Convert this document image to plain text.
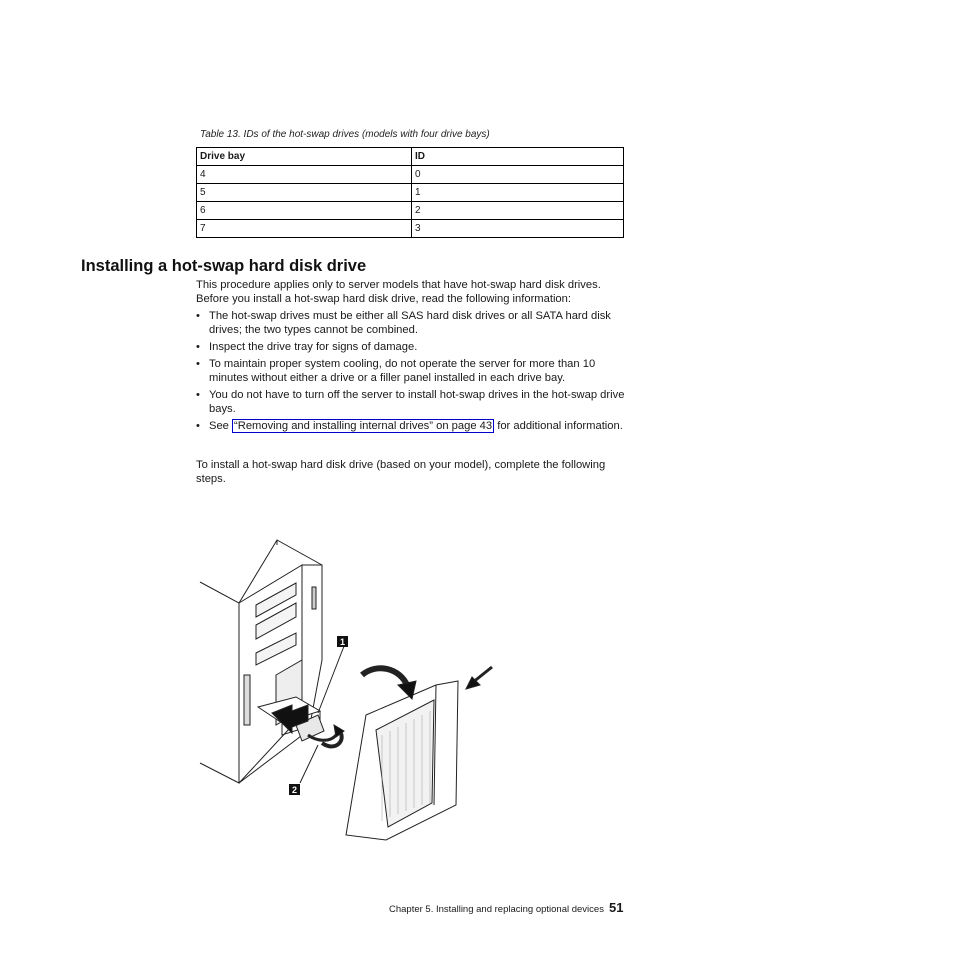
Table 13. IDs of the hot-swap drives (models with four drive bays)
Drive bay	ID
4	0
5	1
6	2
7	3
Installing a hot-swap hard disk drive

This procedure applies only to server models that have hot-swap hard disk drives. Before you install a hot-swap hard disk drive, read the following information:

• The hot-swap drives must be either all SAS hard disk drives or all SATA hard disk drives; the two types cannot be combined.
• Inspect the drive tray for signs of damage.
• To maintain proper system cooling, do not operate the server for more than 10 minutes without either a drive or a filler panel installed in each drive bay.
• You do not have to turn off the server to install hot-swap drives in the hot-swap drive bays.
• See “Removing and installing internal drives” on page 43 for additional information.

To install a hot-swap hard disk drive (based on your model), complete the following steps.

1
2
Chapter 5. Installing and replacing optional devices 51
